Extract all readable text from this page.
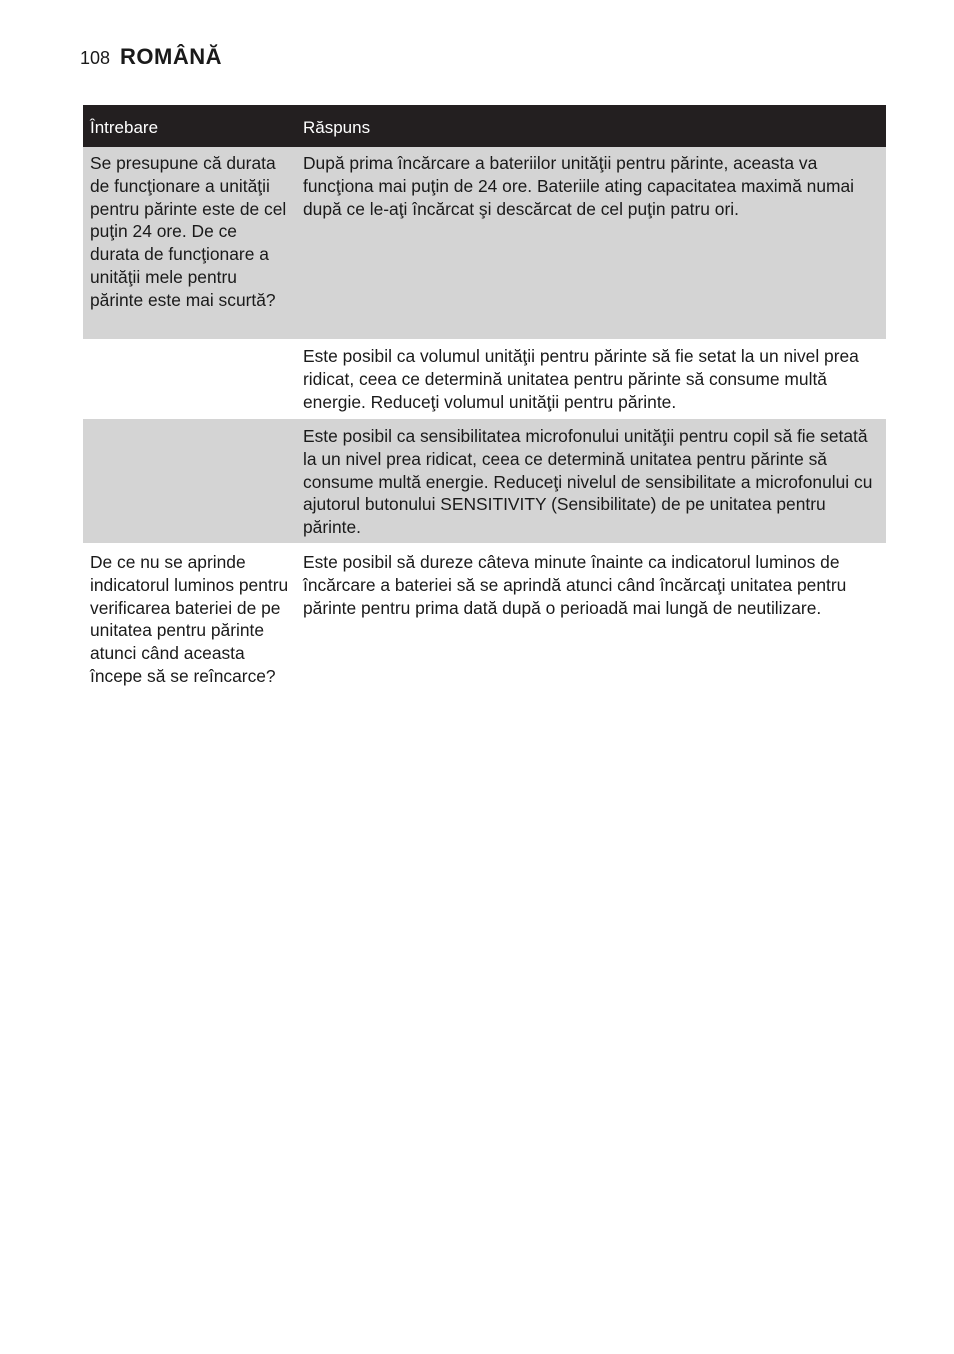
108 ROMÂNĂ
Întrebare	Răspuns
Se presupune că durata de funcţionare a unităţii pentru părinte este de cel puţin 24 ore. De ce durata de funcţionare a unităţii mele pentru părinte este mai scurtă?
După prima încărcare a bateriilor unităţii pentru părinte, aceasta va funcţiona mai puţin de 24 ore. Bateriile ating capacitatea maximă numai după ce le-aţi încărcat şi descărcat de cel puţin patru ori.
Este posibil ca volumul unităţii pentru părinte să fie setat la un nivel prea ridicat, ceea ce determină unitatea pentru părinte să consume multă energie. Reduceţi volumul unităţii pentru părinte.
Este posibil ca sensibilitatea microfonului unităţii pentru copil să fie setată la un nivel prea ridicat, ceea ce determină unitatea pentru părinte să consume multă energie. Reduceţi nivelul de sensibilitate a microfonului cu ajutorul butonului SENSITIVITY (Sensibilitate) de pe unitatea pentru părinte.
De ce nu se aprinde indicatorul luminos pentru verificarea bateriei de pe unitatea pentru părinte atunci când aceasta începe să se reîncarce?
Este posibil să dureze câteva minute înainte ca indicatorul luminos de încărcare a bateriei să se aprindă atunci când încărcaţi unitatea pentru părinte pentru prima dată după o perioadă mai lungă de neutilizare.
